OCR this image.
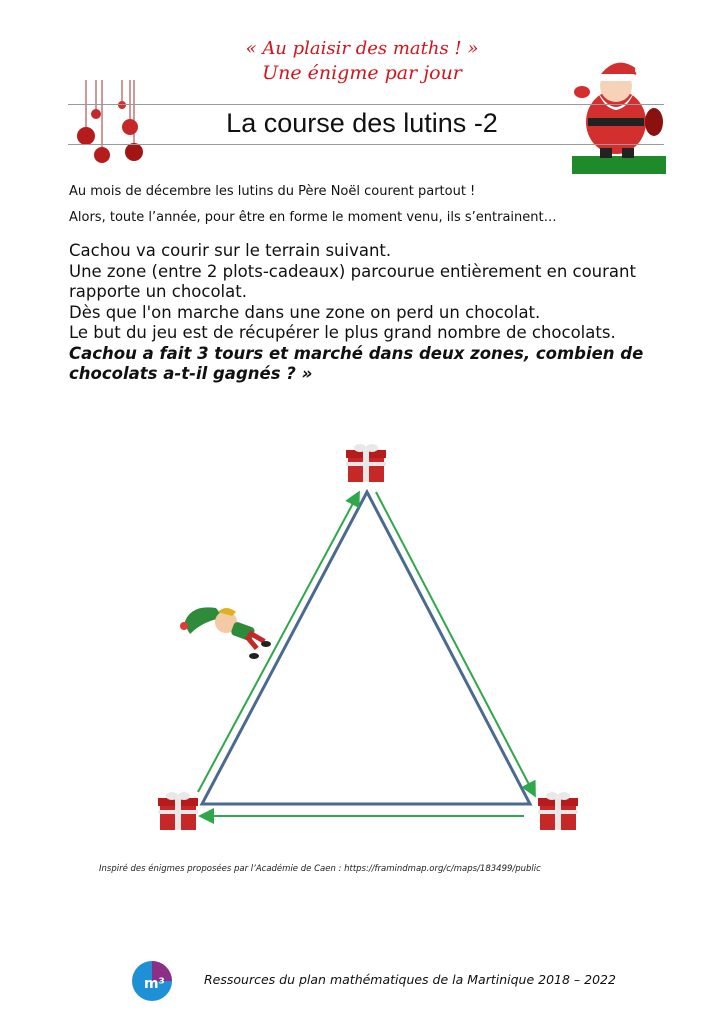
« Au plaisir des maths ! »
Une énigme par jour
La course des lutins -2
Au mois de décembre les lutins du Père Noël courent partout !
Alors, toute l’année, pour être en forme le moment venu, ils s’entrainent…

Cachou va courir sur le terrain suivant.

Une zone (entre 2 plots-cadeaux) parcourue entièrement en courant

rapporte un chocolat.

Dès que l'on marche dans une zone on perd un chocolat.

Le but du jeu est de récupérer le plus grand nombre de chocolats.

Cachou a fait 3 tours et marché dans deux zones, combien de

chocolats a-t-il gagnés ? »

Inspiré des énigmes proposées par l’Académie de Caen : https://framindmap.org/c/maps/183499/public
m³	Ressources du plan mathématiques de la Martinique 2018 – 2022
